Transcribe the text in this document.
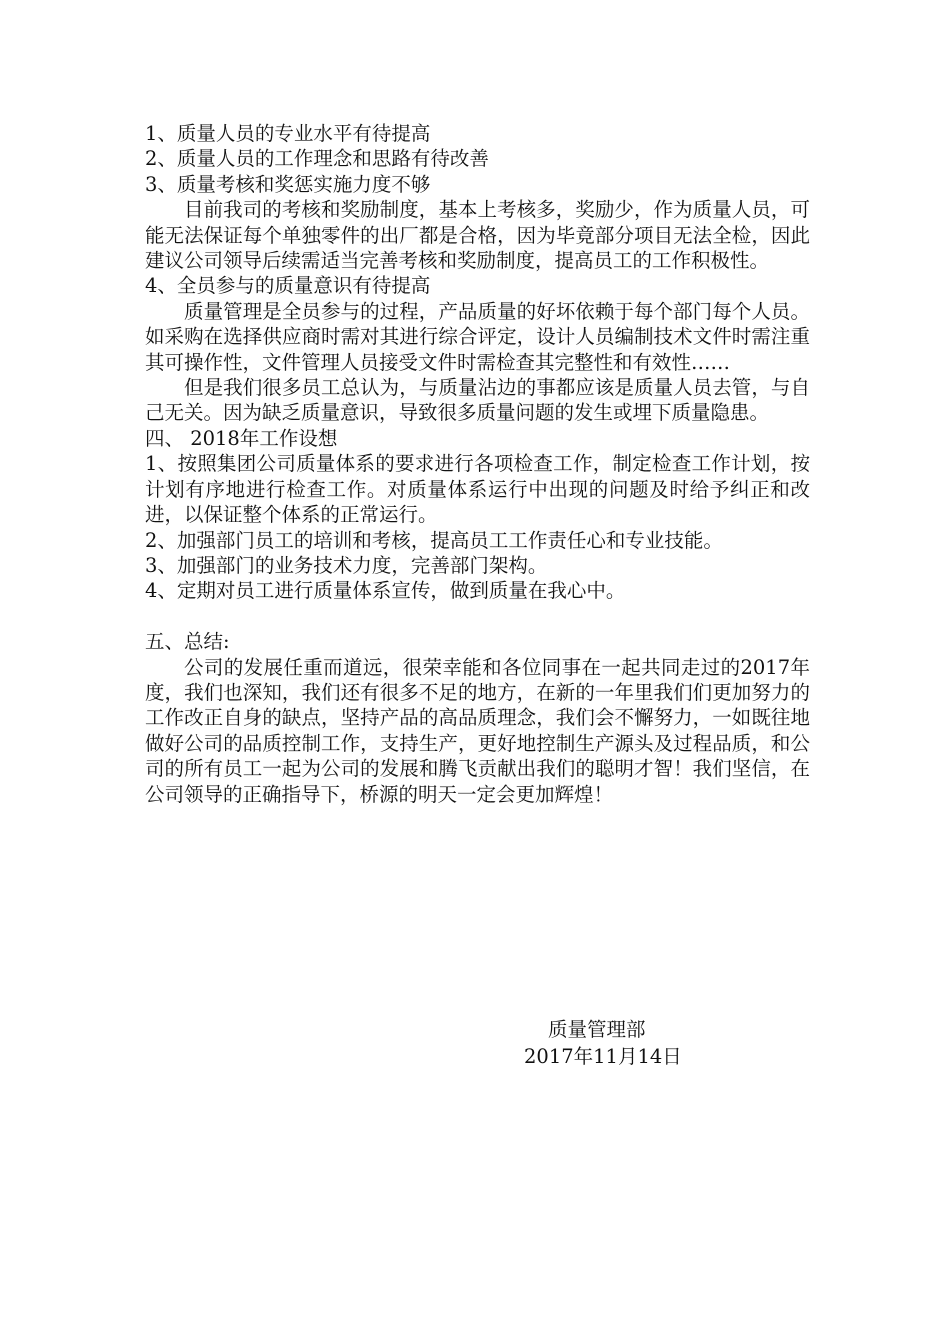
1、质量人员的专业水平有待提高

2、质量人员的工作理念和思路有待改善

3、质量考核和奖惩实施力度不够

目前我司的考核和奖励制度，基本上考核多，奖励少，作为质量人员，可能无法保证每个单独零件的出厂都是合格，因为毕竟部分项目无法全检，因此建议公司领导后续需适当完善考核和奖励制度，提高员工的工作积极性。

4、全员参与的质量意识有待提高

质量管理是全员参与的过程，产品质量的好坏依赖于每个部门每个人员。如采购在选择供应商时需对其进行综合评定，设计人员编制技术文件时需注重其可操作性，文件管理人员接受文件时需检查其完整性和有效性……

但是我们很多员工总认为，与质量沾边的事都应该是质量人员去管，与自己无关。因为缺乏质量意识，导致很多质量问题的发生或埋下质量隐患。

四、 2018年工作设想

1、按照集团公司质量体系的要求进行各项检查工作，制定检查工作计划，按计划有序地进行检查工作。对质量体系运行中出现的问题及时给予纠正和改进，以保证整个体系的正常运行。

2、加强部门员工的培训和考核，提高员工工作责任心和专业技能。

3、加强部门的业务技术力度，完善部门架构。

4、定期对员工进行质量体系宣传，做到质量在我心中。

五、总结:

公司的发展任重而道远，很荣幸能和各位同事在一起共同走过的2017年度，我们也深知，我们还有很多不足的地方，在新的一年里我们们更加努力的工作改正自身的缺点，坚持产品的高品质理念，我们会不懈努力，一如既往地做好公司的品质控制工作，支持生产，更好地控制生产源头及过程品质，和公司的所有员工一起为公司的发展和腾飞贡献出我们的聪明才智！我们坚信，在公司领导的正确指导下，桥源的明天一定会更加辉煌！

质量管理部
2017年11月14日
